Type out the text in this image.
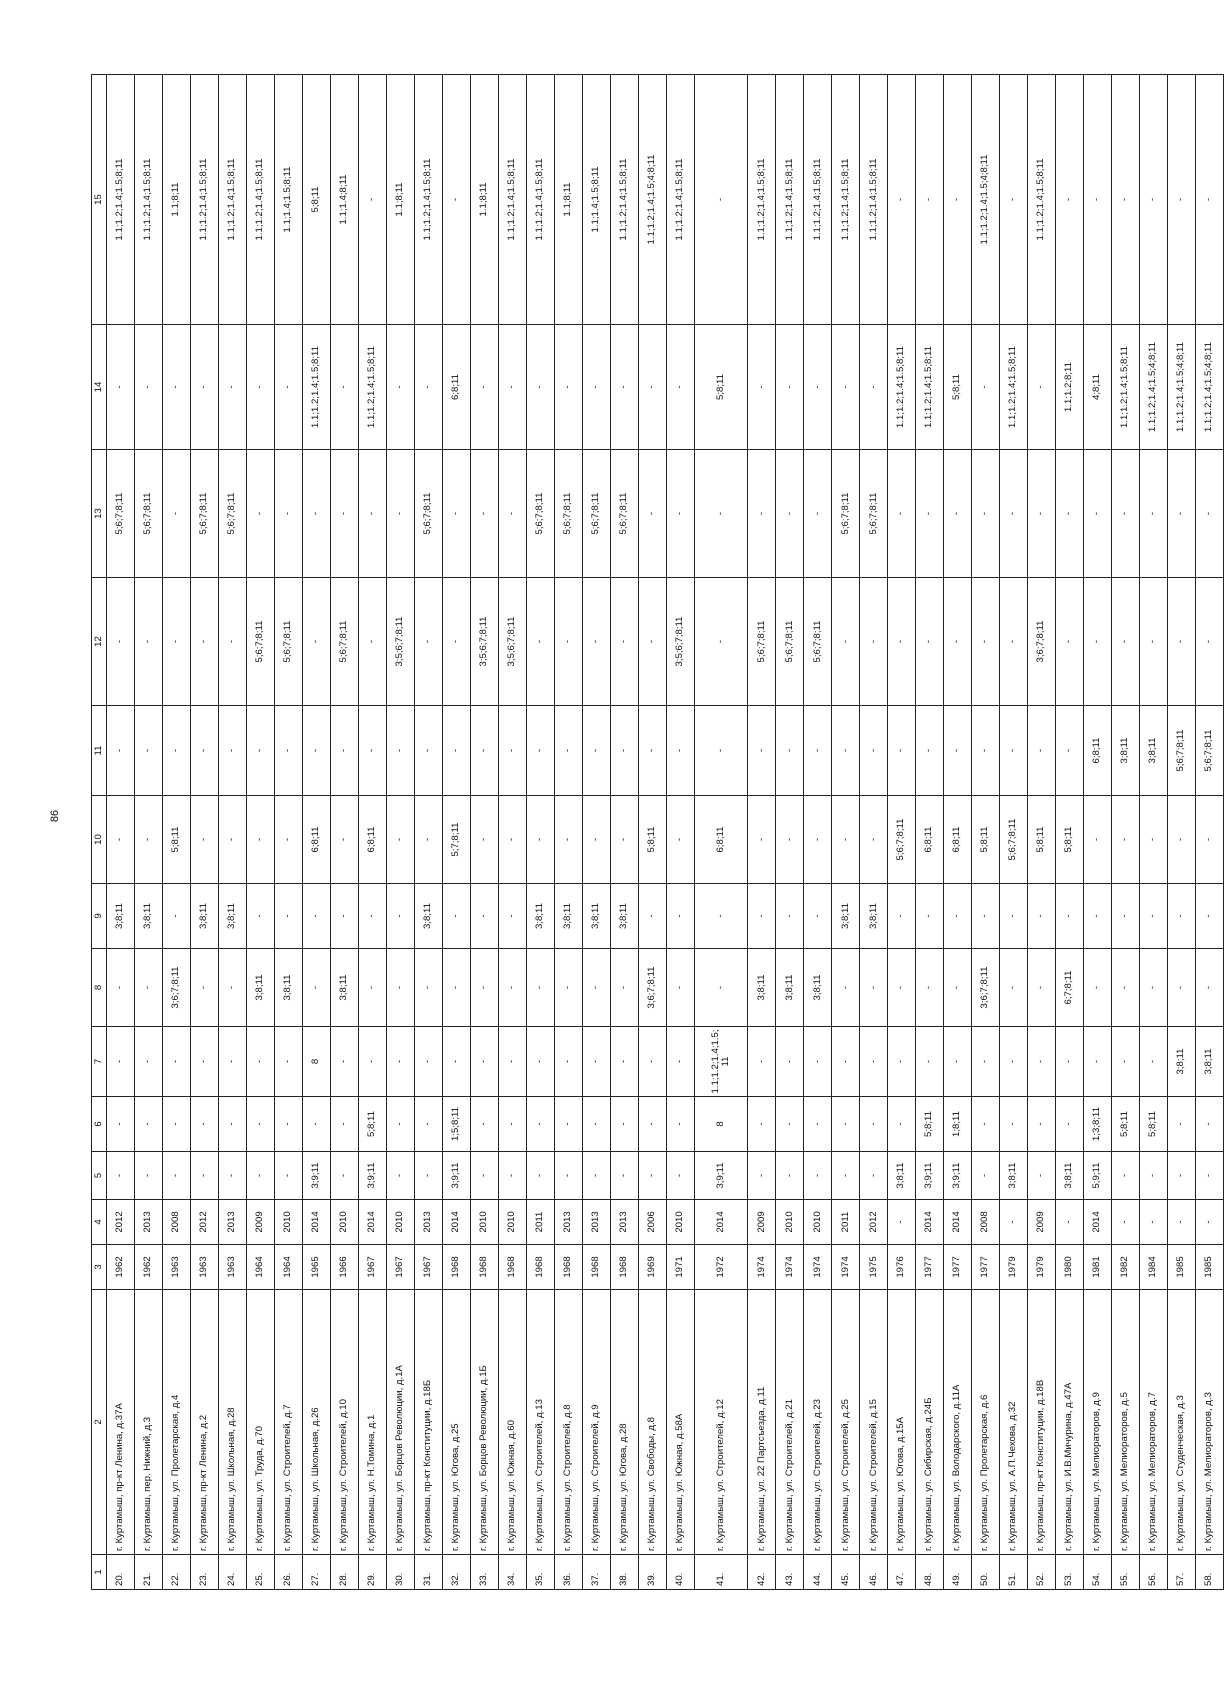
86
1	2	3	4	5	6	7	8	9	10	11	12	13	14	15
20.	г. Куртамыш, пр-кт Ленина, д.37А	1962	2012	-	-	-	-	3;8;11	-	-	-	5;6;7;8;11	-	1.1;1.2;1.4;1.5;8;11
21.	г. Куртамыш, пер. Нижний, д.3	1962	2013	-	-	-	-	3;8;11	-	-	-	5;6;7;8;11	-	1.1;1.2;1.4;1.5;8;11
22.	г. Куртамыш, ул. Пролетарская, д.4	1963	2008	-	-	-	3;6;7;8;11	-	5;8;11	-	-	-	-	1.1;8;11
23.	г. Куртамыш, пр-кт Ленина, д.2	1963	2012	-	-	-	-	3;8;11	-	-	-	5;6;7;8;11	-	1.1;1.2;1.4;1.5;8;11
24.	г. Куртамыш, ул. Школьная, д.28	1963	2013	-	-	-	-	3;8;11	-	-	-	5;6;7;8;11	-	1.1;1.2;1.4;1.5;8;11
25.	г. Куртамыш, ул. Труда, д.70	1964	2009	-	-	-	3;8;11	-	-	-	5;6;7;8;11	-	-	1.1;1.2;1.4;1.5;8;11
26.	г. Куртамыш, ул. Строителей, д.7	1964	2010	-	-	-	3;8;11	-	-	-	5;6;7;8;11	-	-	1.1;1.4;1.5;8;11
27.	г. Куртамыш, ул. Школьная, д.26	1965	2014	3;9;11	-	8	-	-	6;8;11	-	-	-	1.1;1.2;1.4;1.5;8;11	5;8;11
28.	г. Куртамыш, ул. Строителей, д.10	1966	2010	-	-	-	3;8;11	-	-	-	5;6;7;8;11	-	-	1.1;1.4;8;11
29.	г. Куртамыш, ул. Н.Томина, д.1	1967	2014	3;9;11	5;8;11	-	-	-	6;8;11	-	-	-	1.1;1.2;1.4;1.5;8;11	-
30.	г. Куртамыш, ул. Борцов Революции, д.1А	1967	2010	-	-	-	-	-	-	-	3;5;6;7;8;11	-	-	1.1;8;11
31.	г. Куртамыш, пр-кт Конституции, д.18Б	1967	2013	-	-	-	-	3;8;11	-	-	-	5;6;7;8;11	-	1.1;1.2;1.4;1.5;8;11
32.	г. Куртамыш, ул. Югова, д.25	1968	2014	3;9;11	1;5;8;11	-	-	-	5;7;8;11	-	-	-	6;8;11	-
33.	г. Куртамыш, ул. Борцов Революции, д.1Б	1968	2010	-	-	-	-	-	-	-	3;5;6;7;8;11	-	-	1.1;8;11
34.	г. Куртамыш, ул. Южная, д.60	1968	2010	-	-	-	-	-	-	-	3;5;6;7;8;11	-	-	1.1;1.2;1.4;1.5;8;11
35.	г. Куртамыш, ул. Строителей, д.13	1968	2011	-	-	-	-	3;8;11	-	-	-	5;6;7;8;11	-	1.1;1.2;1.4;1.5;8;11
36.	г. Куртамыш, ул. Строителей, д.8	1968	2013	-	-	-	-	3;8;11	-	-	-	5;6;7;8;11	-	1.1;8;11
37.	г. Куртамыш, ул. Строителей, д.9	1968	2013	-	-	-	-	3;8;11	-	-	-	5;6;7;8;11	-	1.1;1.4;1.5;8;11
38.	г. Куртамыш, ул. Югова, д.28	1968	2013	-	-	-	-	3;8;11	-	-	-	5;6;7;8;11	-	1.1;1.2;1.4;1.5;8;11
39.	г. Куртамыш, ул. Свободы, д.8	1969	2006	-	-	-	3;6;7;8;11	-	5;8;11	-	-	-	-	1.1;1.2;1.4;1.5;4;8;11
40.	г. Куртамыш, ул. Южная, д.58А	1971	2010	-	-	-	-	-	-	-	3;5;6;7;8;11	-	-	1.1;1.2;1.4;1.5;8;11
41.	г. Куртамыш, ул. Строителей, д.12	1972	2014	3;9;11	8	1.1;1.2;1.4;1.5;11	-	-	6;8;11	-	-	-	5;8;11	-
42.	г. Куртамыш, ул. 22 Партсъезда, д.11	1974	2009	-	-	-	3;8;11	-	-	-	5;6;7;8;11	-	-	1.1;1.2;1.4;1.5;8;11
43.	г. Куртамыш, ул. Строителей, д.21	1974	2010	-	-	-	3;8;11	-	-	-	5;6;7;8;11	-	-	1.1;1.2;1.4;1.5;8;11
44.	г. Куртамыш, ул. Строителей, д.23	1974	2010	-	-	-	3;8;11	-	-	-	5;6;7;8;11	-	-	1.1;1.2;1.4;1.5;8;11
45.	г. Куртамыш, ул. Строителей, д.25	1974	2011	-	-	-	-	3;8;11	-	-	-	5;6;7;8;11	-	1.1;1.2;1.4;1.5;8;11
46.	г. Куртамыш, ул. Строителей, д.15	1975	2012	-	-	-	-	3;8;11	-	-	-	5;6;7;8;11	-	1.1;1.2;1.4;1.5;8;11
47.	г. Куртамыш, ул. Югова, д.15А	1976	-	3;8;11	-	-	-	-	5;6;7;8;11	-	-	-	1.1;1.2;1.4;1.5;8;11	-
48.	г. Куртамыш, ул. Сибирская, д.24Б	1977	2014	3;9;11	5;8;11	-	-	-	6;8;11	-	-	-	1.1;1.2;1.4;1.5;8;11	-
49.	г. Куртамыш, ул. Володарского, д.11А	1977	2014	3;9;11	1;8;11	-	-	-	6;8;11	-	-	-	5;8;11	-
50.	г. Куртамыш, ул. Пролетарская, д.6	1977	2008	-	-	-	3;6;7;8;11	-	5;8;11	-	-	-	-	1.1;1.2;1.4;1.5;4;8;11
51.	г. Куртамыш, ул. А.П.Чехова, д.32	1979	-	3;8;11	-	-	-	-	5;6;7;8;11	-	-	-	1.1;1.2;1.4;1.5;8;11	-
52.	г. Куртамыш, пр-кт Конституции, д.18В	1979	2009	-	-	-	-	-	5;8;11	-	3;6;7;8;11	-	-	1.1;1.2;1.4;1.5;8;11
53.	г. Куртамыш, ул. И.В.Мичурина, д.47А	1980	-	3;8;11	-	-	6;7;8;11	-	5;8;11	-	-	-	1.1;1.2;8;11	-
54.	г. Куртамыш, ул. Мелиораторов, д.9	1981	2014	5;9;11	1;3;8;11	-	-	-	-	6;8;11	-	-	4;8;11	-
55.	г. Куртамыш, ул. Мелиораторов, д.5	1982	-	-	5;8;11	-	-	-	-	3;8;11	-	-	1.1;1.2;1.4;1.5;8;11	-
56.	г. Куртамыш, ул. Мелиораторов, д.7	1984	-	-	5;8;11	-	-	-	-	3;8;11	-	-	1.1;1.2;1.4;1.5;4;8;11	-
57.	г. Куртамыш, ул. Студенческая, д.3	1985	-	-	-	3;8;11	-	-	-	5;6;7;8;11	-	-	1.1;1.2;1.4;1.5;4;8;11	-
58.	г. Куртамыш, ул. Мелиораторов, д.3	1985	-	-	-	3;8;11	-	-	-	5;6;7;8;11	-	-	1.1;1.2;1.4;1.5;4;8;11	-
